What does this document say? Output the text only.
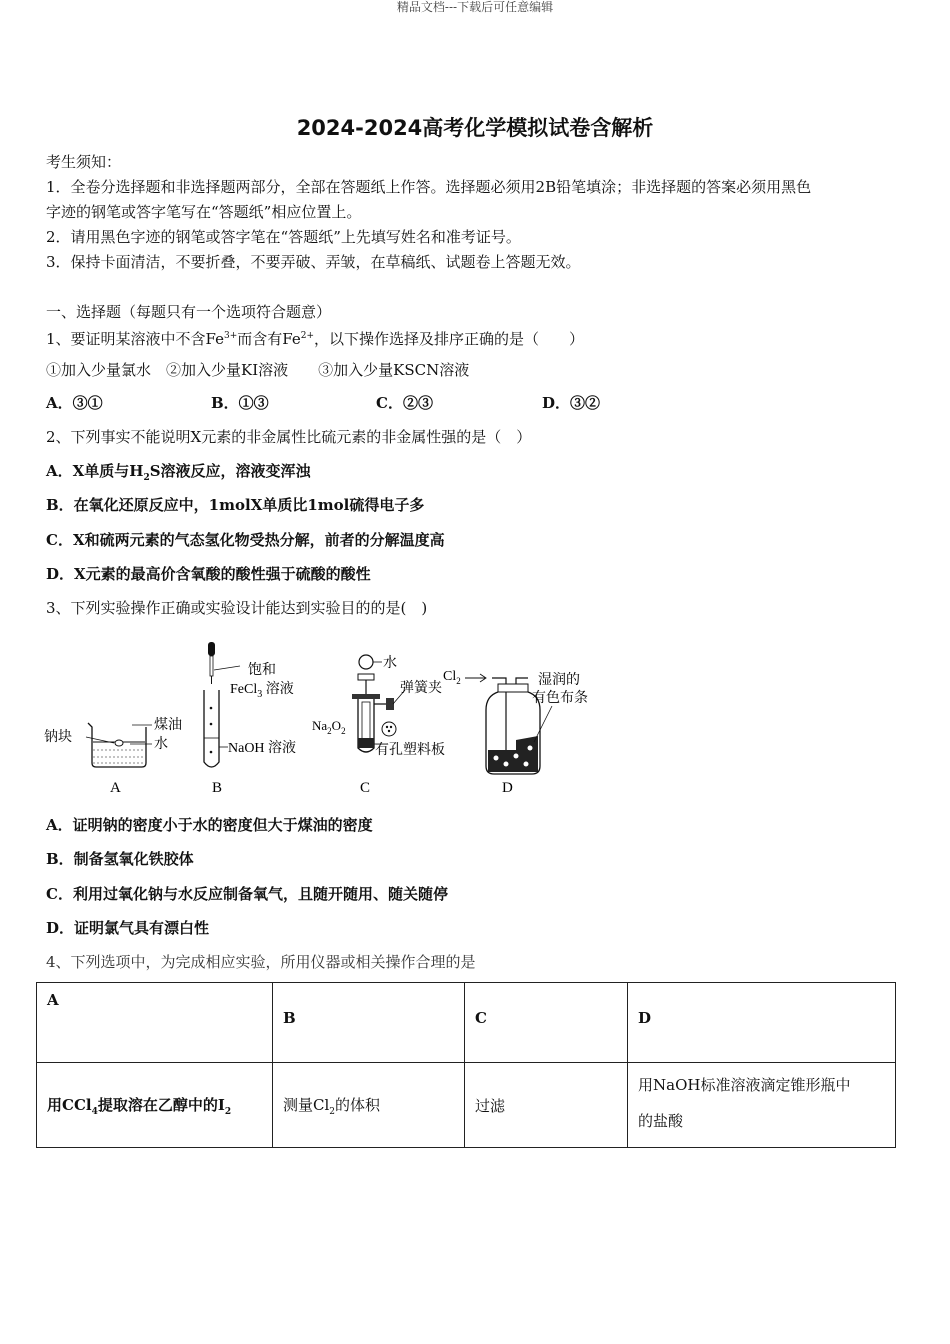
精品文档---下载后可任意编辑
2024-2024高考化学模拟试卷含解析
考生须知：
1．全卷分选择题和非选择题两部分，全部在答题纸上作答。选择题必须用2B铅笔填涂；非选择题的答案必须用黑色
字迹的钢笔或答字笔写在“答题纸”相应位置上。
2．请用黑色字迹的钢笔或答字笔在“答题纸”上先填写姓名和准考证号。
3．保持卡面清洁，不要折叠，不要弄破、弄皱，在草稿纸、试题卷上答题无效。
一、选择题（每题只有一个选项符合题意）
1、要证明某溶液中不含$Fe^{3+}$而含有$Fe^{2+}$，以下操作选择及排序正确的是（　　）
①加入少量氯水　②加入少量KI溶液　　③加入少量KSCN溶液
A．③①	B．①③	C．②③	D．③②
2、下列事实不能说明X元素的非金属性比硫元素的非金属性强的是（　）
A．X单质与$H_2S$溶液反应，溶液变浑浊
B．在氧化还原反应中，1molX单质比1mol硫得电子多
C．X和硫两元素的气态氢化物受热分解，前者的分解温度高
D．X元素的最高价含氧酸的酸性强于硫酸的酸性
3、下列实验操作正确或实验设计能达到实验目的的是(　)
钠块
煤油
水
A
饱和
FeCl$_3$ 溶液
NaOH 溶液
B
水
弹簧夹
$Na_2O_2$
有孔塑料板
C
$Cl_2$	湿润的
有色布条
D
A．证明钠的密度小于水的密度但大于煤油的密度
B．制备氢氧化铁胶体
C．利用过氧化钠与水反应制备氧气，且随开随用、随关随停
D．证明氯气具有漂白性
4、下列选项中，为完成相应实验，所用仪器或相关操作合理的是
A	B	C	D
用CCl$_4$提取溶在乙醇中的$I_2$	测量$Cl_2$的体积	过滤	用NaOH标准溶液滴定锥形瓶中
的盐酸
